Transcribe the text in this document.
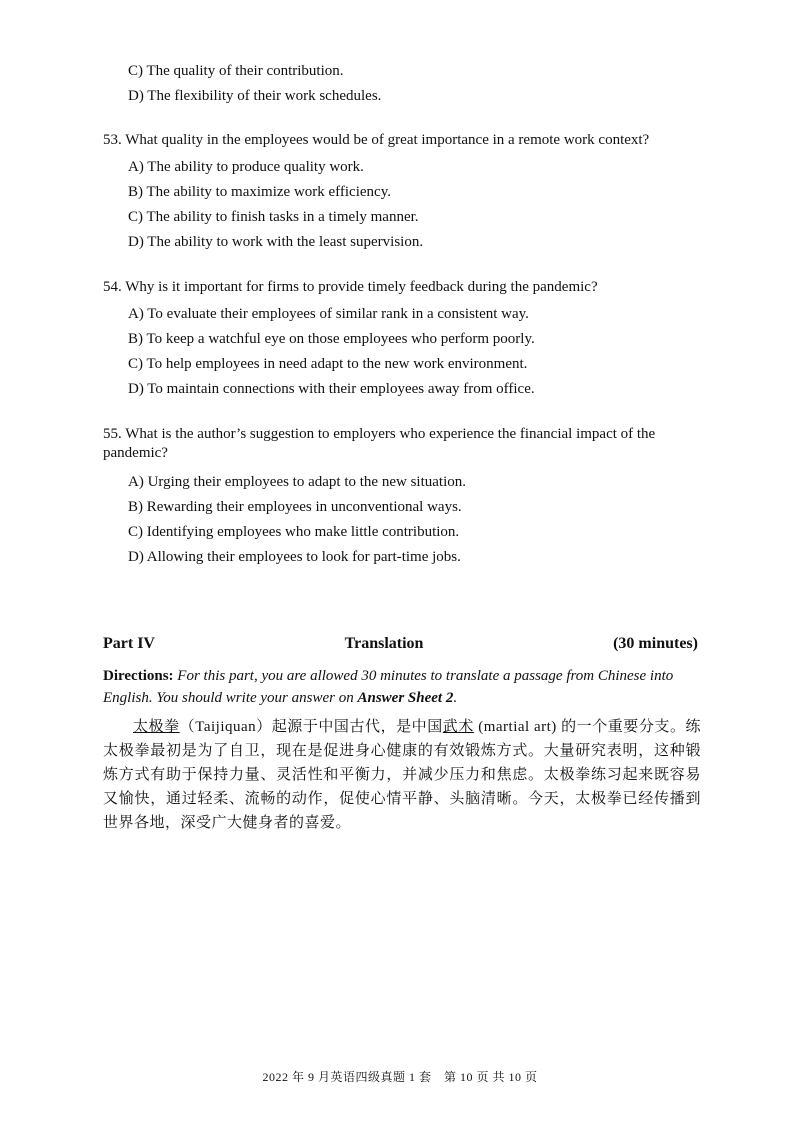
C) The quality of their contribution.
D) The flexibility of their work schedules.
53. What quality in the employees would be of great importance in a remote work context?
A) The ability to produce quality work.
B) The ability to maximize work efficiency.
C) The ability to finish tasks in a timely manner.
D) The ability to work with the least supervision.
54. Why is it important for firms to provide timely feedback during the pandemic?
A) To evaluate their employees of similar rank in a consistent way.
B) To keep a watchful eye on those employees who perform poorly.
C) To help employees in need adapt to the new work environment.
D) To maintain connections with their employees away from office.
55. What is the author’s suggestion to employers who experience the financial impact of the pandemic?
A) Urging their employees to adapt to the new situation.
B) Rewarding their employees in unconventional ways.
C) Identifying employees who make little contribution.
D) Allowing their employees to look for part-time jobs.
Part IV	Translation	(30 minutes)
Directions: For this part, you are allowed 30 minutes to translate a passage from Chinese into English. You should write your answer on Answer Sheet 2.
太极拳（Taijiquan）起源于中国古代，是中国武术 (martial art) 的一个重要分支。练太极拳最初是为了自卫，现在是促进身心健康的有效锻炼方式。大量研究表明，这种锻炼方式有助于保持力量、灵活性和平衡力，并减少压力和焦虑。太极拳练习起来既容易又愉快，通过轻柔、流畅的动作，促使心情平静、头脑清晰。今天，太极拳已经传播到世界各地，深受广大健身者的喜爱。
2022 年 9 月英语四级真题 1 套　第 10 页 共 10 页
